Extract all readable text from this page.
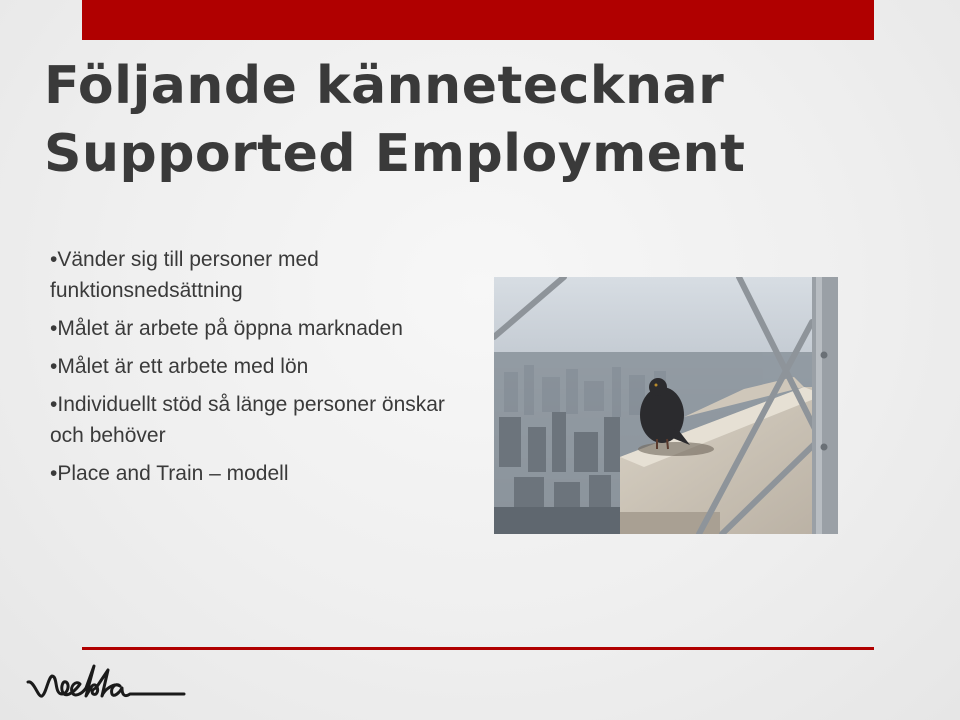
Följande kännetecknar
Supported Employment
• Vänder sig till personer med funktionsnedsättning
• Målet är arbete på öppna marknaden
• Målet är ett arbete med lön
• Individuellt stöd så länge personer önskar och behöver
• Place and Train – modell
